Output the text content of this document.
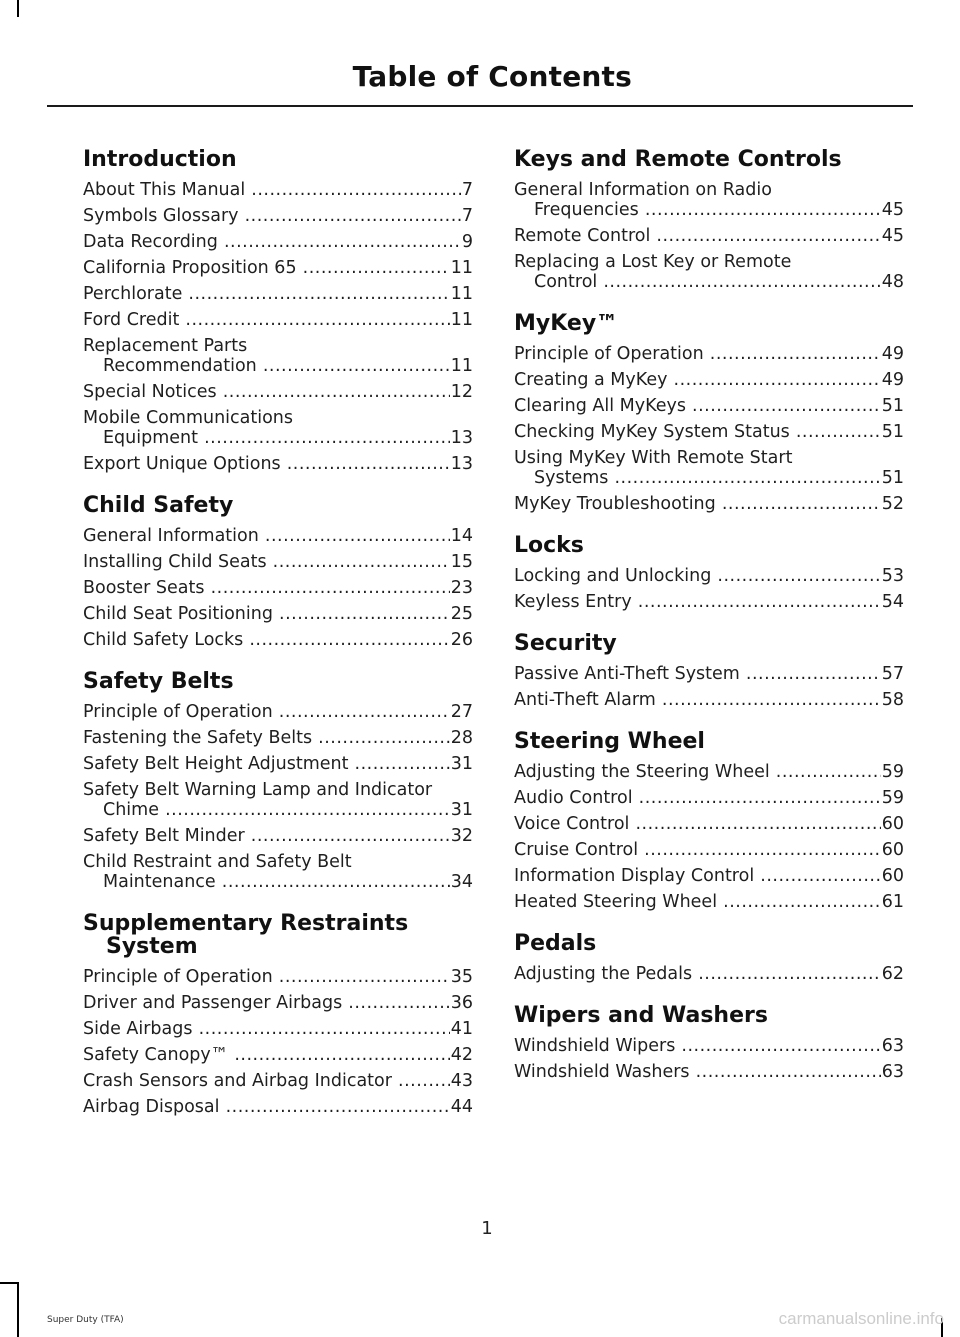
Table of Contents
Introduction
About This Manual .....	7
Symbols Glossary .....	7
Data Recording .....	9
California Proposition 65 .....	11
Perchlorate .....	11
Ford Credit .....	11
Replacement Parts
Recommendation .....	11
Special Notices .....	12
Mobile Communications
Equipment .....	13
Export Unique Options .....	13
Child Safety
General Information .....	14
Installing Child Seats .....	15
Booster Seats .....	23
Child Seat Positioning .....	25
Child Safety Locks .....	26
Safety Belts
Principle of Operation .....	27
Fastening the Safety Belts .....	28
Safety Belt Height Adjustment .....	31
Safety Belt Warning Lamp and Indicator
Chime .....	31
Safety Belt Minder .....	32
Child Restraint and Safety Belt
Maintenance .....	34
Supplementary Restraints System
Principle of Operation .....	35
Driver and Passenger Airbags .....	36
Side Airbags .....	41
Safety Canopy™ .....	42
Crash Sensors and Airbag Indicator .....	43
Airbag Disposal .....	44
Keys and Remote Controls
General Information on Radio
Frequencies .....	45
Remote Control .....	45
Replacing a Lost Key or Remote
Control .....	48
MyKey™
Principle of Operation .....	49
Creating a MyKey .....	49
Clearing All MyKeys .....	51
Checking MyKey System Status .....	51
Using MyKey With Remote Start
Systems .....	51
MyKey Troubleshooting .....	52
Locks
Locking and Unlocking .....	53
Keyless Entry .....	54
Security
Passive Anti-Theft System .....	57
Anti-Theft Alarm .....	58
Steering Wheel
Adjusting the Steering Wheel .....	59
Audio Control .....	59
Voice Control .....	60
Cruise Control .....	60
Information Display Control .....	60
Heated Steering Wheel .....	61
Pedals
Adjusting the Pedals .....	62
Wipers and Washers
Windshield Wipers .....	63
Windshield Washers .....	63
1
Super Duty (TFA)	carmanualsonline.info
